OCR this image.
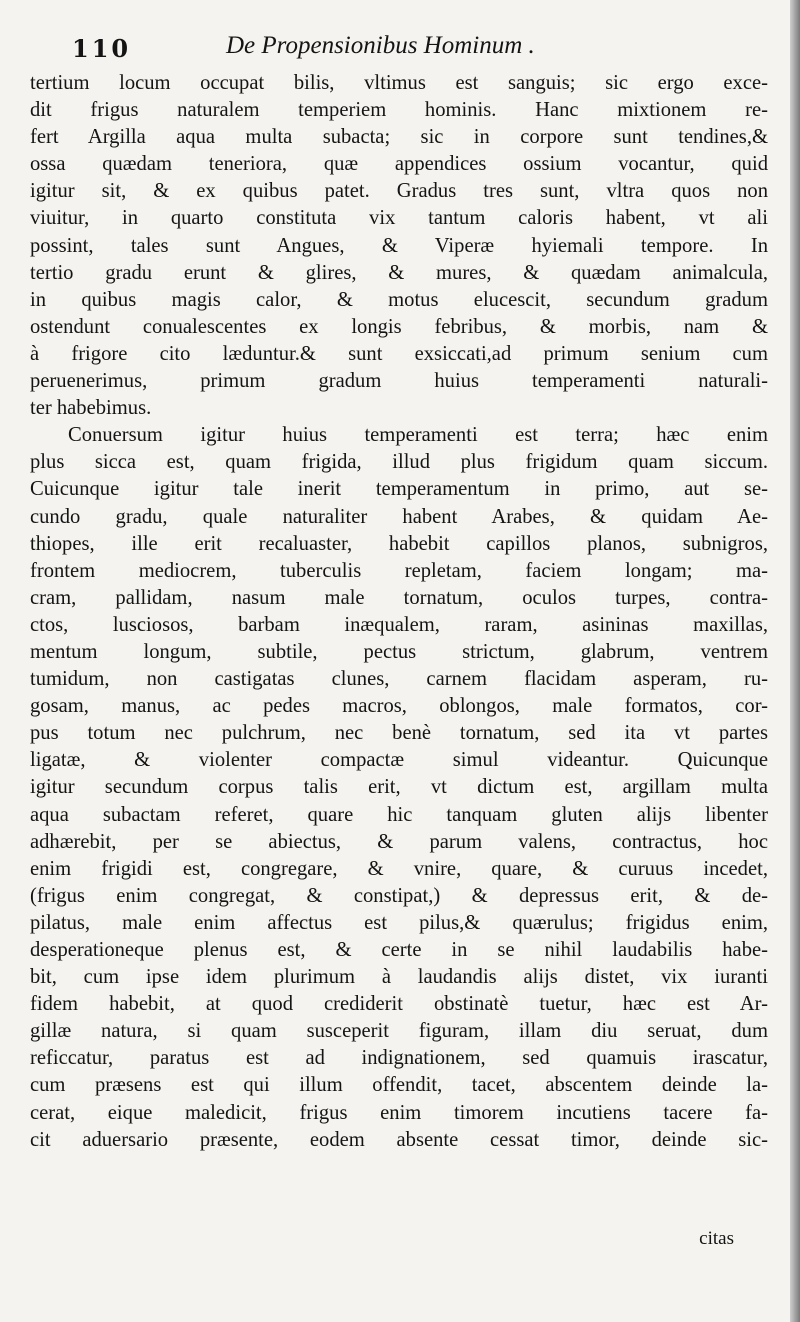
110	De Propensionibus Hominum .
tertium locum occupat bilis, vltimus est sanguis; sic ergo exce-
dit frigus naturalem temperiem hominis. Hanc mixtionem re-
fert Argilla aqua multa subacta; sic in corpore sunt tendines,&
ossa quædam teneriora, quæ appendices ossium vocantur, quid
igitur sit, & ex quibus patet. Gradus tres sunt, vltra quos non
viuitur, in quarto constituta vix tantum caloris habent, vt ali
possint, tales sunt Angues, & Viperæ hyiemali tempore. In
tertio gradu erunt & glires, & mures, & quædam animalcula,
in quibus magis calor, & motus elucescit, secundum gradum
ostendunt conualescentes ex longis febribus, & morbis, nam &
à frigore cito læduntur.& sunt exsiccati,ad primum senium cum
peruenerimus, primum gradum huius temperamenti naturali-
ter habebimus.
Conuersum igitur huius temperamenti est terra; hæc enim
plus sicca est, quam frigida, illud plus frigidum quam siccum.
Cuicunque igitur tale inerit temperamentum in primo, aut se-
cundo gradu, quale naturaliter habent Arabes, & quidam Ae-
thiopes, ille erit recaluaster, habebit capillos planos, subnigros,
frontem mediocrem, tuberculis repletam, faciem longam; ma-
cram, pallidam, nasum male tornatum, oculos turpes, contra-
ctos, lusciosos, barbam inæqualem, raram, asininas maxillas,
mentum longum, subtile, pectus strictum, glabrum, ventrem
tumidum, non castigatas clunes, carnem flacidam asperam, ru-
gosam, manus, ac pedes macros, oblongos, male formatos, cor-
pus totum nec pulchrum, nec benè tornatum, sed ita vt partes
ligatæ, & violenter compactæ simul videantur. Quicunque
igitur secundum corpus talis erit, vt dictum est, argillam multa
aqua subactam referet, quare hic tanquam gluten alijs libenter
adhærebit, per se abiectus, & parum valens, contractus, hoc
enim frigidi est, congregare, & vnire, quare, & curuus incedet,
(frigus enim congregat, & constipat,) & depressus erit, & de-
pilatus, male enim affectus est pilus,& quærulus; frigidus enim,
desperationeque plenus est, & certe in se nihil laudabilis habe-
bit, cum ipse idem plurimum à laudandis alijs distet, vix iuranti
fidem habebit, at quod crediderit obstinatè tuetur, hæc est Ar-
gillæ natura, si quam susceperit figuram, illam diu seruat, dum
reficcatur, paratus est ad indignationem, sed quamuis irascatur,
cum præsens est qui illum offendit, tacet, abscentem deinde la-
cerat, eique maledicit, frigus enim timorem incutiens tacere fa-
cit aduersario præsente, eodem absente cessat timor, deinde sic-
citas
